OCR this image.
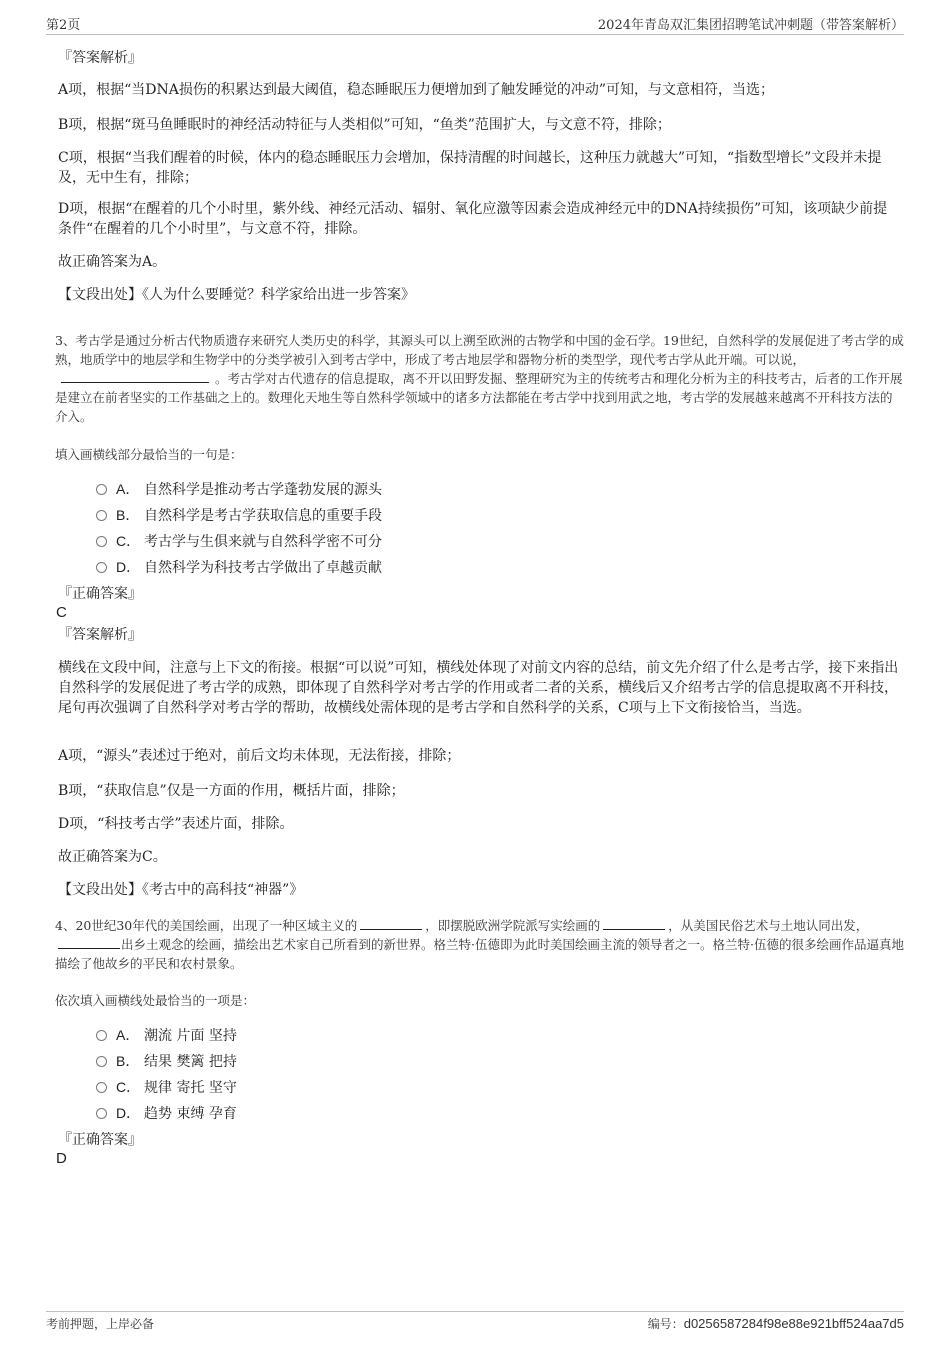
第2页	2024年青岛双汇集团招聘笔试冲刺题（带答案解析）
『答案解析』
A项，根据“当DNA损伤的积累达到最大阈值，稳态睡眠压力便增加到了触发睡觉的冲动”可知，与文意相符，当选；
B项，根据“斑马鱼睡眠时的神经活动特征与人类相似”可知，“鱼类”范围扩大，与文意不符，排除；
C项，根据“当我们醒着的时候，体内的稳态睡眠压力会增加，保持清醒的时间越长，这种压力就越大”可知，“指数型增长”文段并未提及，无中生有，排除；
D项，根据“在醒着的几个小时里，紫外线、神经元活动、辐射、氧化应激等因素会造成神经元中的DNA持续损伤”可知，该项缺少前提条件“在醒着的几个小时里”，与文意不符，排除。
故正确答案为A。
【文段出处】《人为什么要睡觉？科学家给出进一步答案》
3、考古学是通过分析古代物质遗存来研究人类历史的科学，其源头可以上溯至欧洲的古物学和中国的金石学。19世纪，自然科学的发展促进了考古学的成熟，地质学中的地层学和生物学中的分类学被引入到考古学中，形成了考古地层学和器物分析的类型学，现代考古学从此开端。可以说，。考古学对古代遗存的信息提取，离不开以田野发掘、整理研究为主的传统考古和理化分析为主的科技考古，后者的工作开展是建立在前者坚实的工作基础之上的。数理化天地生等自然科学领域中的诸多方法都能在考古学中找到用武之地，考古学的发展越来越离不开科技方法的介入。
填入画横线部分最恰当的一句是：
A． 自然科学是推动考古学蓬勃发展的源头
B． 自然科学是考古学获取信息的重要手段
C． 考古学与生俱来就与自然科学密不可分
D． 自然科学为科技考古学做出了卓越贡献
『正确答案』
C
『答案解析』
横线在文段中间，注意与上下文的衔接。根据“可以说”可知，横线处体现了对前文内容的总结，前文先介绍了什么是考古学，接下来指出自然科学的发展促进了考古学的成熟，即体现了自然科学对考古学的作用或者二者的关系，横线后又介绍考古学的信息提取离不开科技，尾句再次强调了自然科学对考古学的帮助，故横线处需体现的是考古学和自然科学的关系，C项与上下文衔接恰当，当选。
A项，“源头”表述过于绝对，前后文均未体现，无法衔接，排除；
B项，“获取信息”仅是一方面的作用，概括片面，排除；
D项，“科技考古学”表述片面，排除。
故正确答案为C。
【文段出处】《考古中的高科技“神器”》
4、20世纪30年代的美国绘画，出现了一种区域主义的	，即摆脱欧洲学院派写实绘画的	，从美国民俗艺术与土地认同出发，出乡土观念的绘画，描绘出艺术家自己所看到的新世界。格兰特·伍德即为此时美国绘画主流的领导者之一。格兰特·伍德的很多绘画作品逼真地描绘了他故乡的平民和农村景象。
依次填入画横线处最恰当的一项是：
A． 潮流 片面 坚持
B． 结果 樊篱 把持
C． 规律 寄托 坚守
D． 趋势 束缚 孕育
『正确答案』
D
考前押题，上岸必备	编号：d0256587284f98e88e921bff524aa7d5
